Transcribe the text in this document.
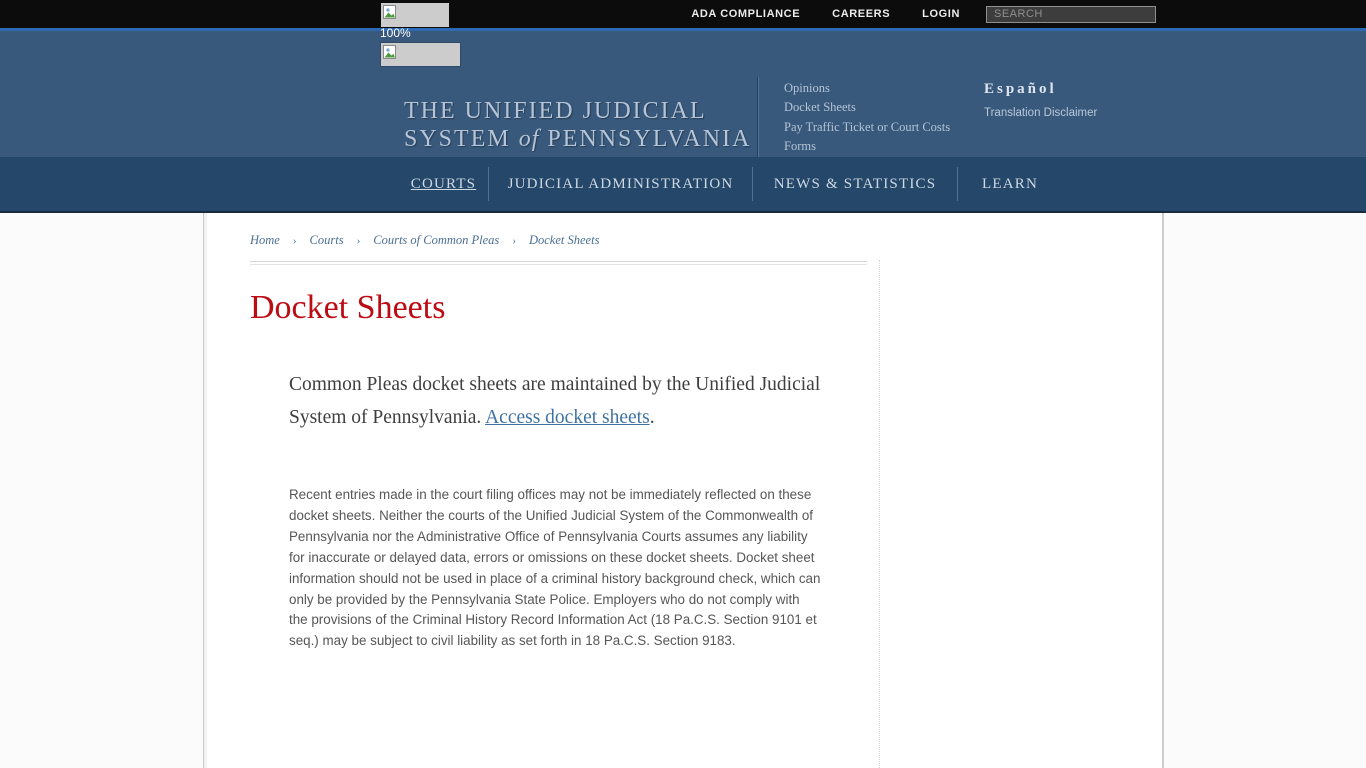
ADA COMPLIANCE	CAREERS	LOGIN
SEARCH
THE UNIFIED JUDICIAL
SYSTEM of PENNSYLVANIA
Opinions
Docket Sheets
Pay Traffic Ticket or Court Costs
Forms
Español
Translation Disclaimer
100%
COURTS	JUDICIAL ADMINISTRATION	NEWS & STATISTICS	LEARN
Home › Courts › Courts of Common Pleas › Docket Sheets
Docket Sheets

Common Pleas docket sheets are maintained by the Unified Judicial System of Pennsylvania. Access docket sheets.

Recent entries made in the court filing offices may not be immediately reflected on these docket sheets. Neither the courts of the Unified Judicial System of the Commonwealth of Pennsylvania nor the Administrative Office of Pennsylvania Courts assumes any liability for inaccurate or delayed data, errors or omissions on these docket sheets. Docket sheet information should not be used in place of a criminal history background check, which can only be provided by the Pennsylvania State Police. Employers who do not comply with the provisions of the Criminal History Record Information Act (18 Pa.C.S. Section 9101 et seq.) may be subject to civil liability as set forth in 18 Pa.C.S. Section 9183.
